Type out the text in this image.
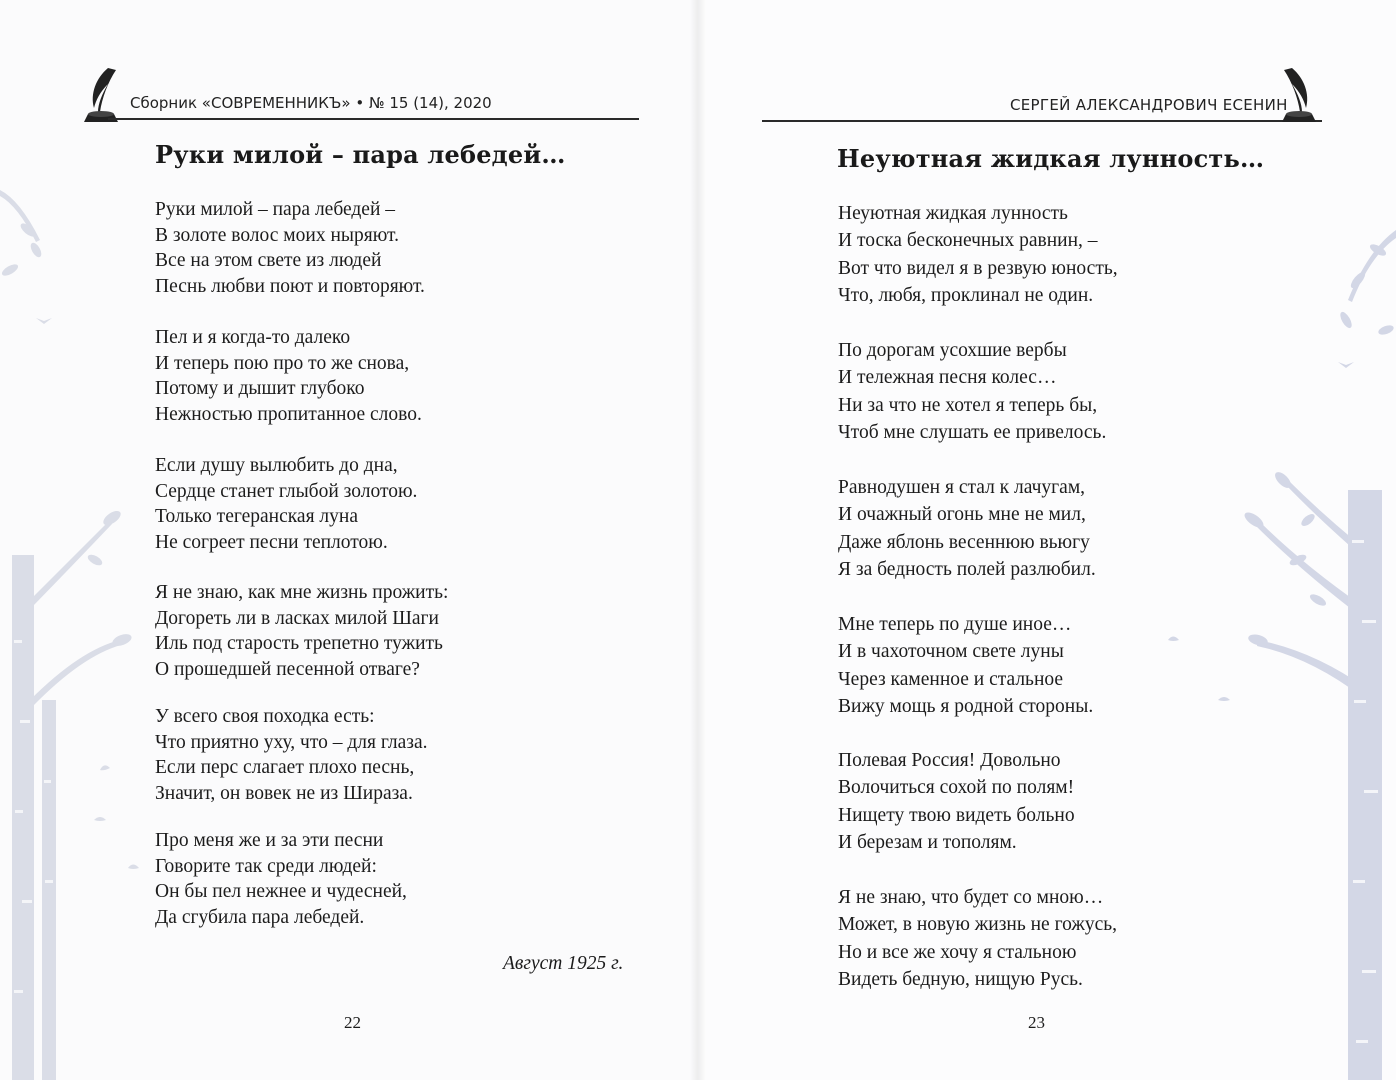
Сборник «СОВРЕМЕННИКЪ» • № 15 (14), 2020
Руки милой – пара лебедей…
Руки милой – пара лебедей –
В золоте волос моих ныряют.
Все на этом свете из людей
Песнь любви поют и повторяют.
Пел и я когда-то далеко
И теперь пою про то же снова,
Потому и дышит глубоко
Нежностью пропитанное слово.
Если душу вылюбить до дна,
Сердце станет глыбой золотою.
Только тегеранская луна
Не согреет песни теплотою.
Я не знаю, как мне жизнь прожить:
Догореть ли в ласках милой Шаги
Иль под старость трепетно тужить
О прошедшей песенной отваге?
У всего своя походка есть:
Что приятно уху, что – для глаза.
Если перс слагает плохо песнь,
Значит, он вовек не из Шираза.
Про меня же и за эти песни
Говорите так среди людей:
Он бы пел нежнее и чудесней,
Да сгубила пара лебедей.
Август 1925 г.
22
СЕРГЕЙ АЛЕКСАНДРОВИЧ ЕСЕНИН
Неуютная жидкая лунность…
Неуютная жидкая лунность
И тоска бесконечных равнин, –
Вот что видел я в резвую юность,
Что, любя, проклинал не один.
По дорогам усохшие вербы
И тележная песня колес…
Ни за что не хотел я теперь бы,
Чтоб мне слушать ее привелось.
Равнодушен я стал к лачугам,
И очажный огонь мне не мил,
Даже яблонь весеннюю вьюгу
Я за бедность полей разлюбил.
Мне теперь по душе иное…
И в чахоточном свете луны
Через каменное и стальное
Вижу мощь я родной стороны.
Полевая Россия! Довольно
Волочиться сохой по полям!
Нищету твою видеть больно
И березам и тополям.
Я не знаю, что будет со мною…
Может, в новую жизнь не гожусь,
Но и все же хочу я стальною
Видеть бедную, нищую Русь.
23
